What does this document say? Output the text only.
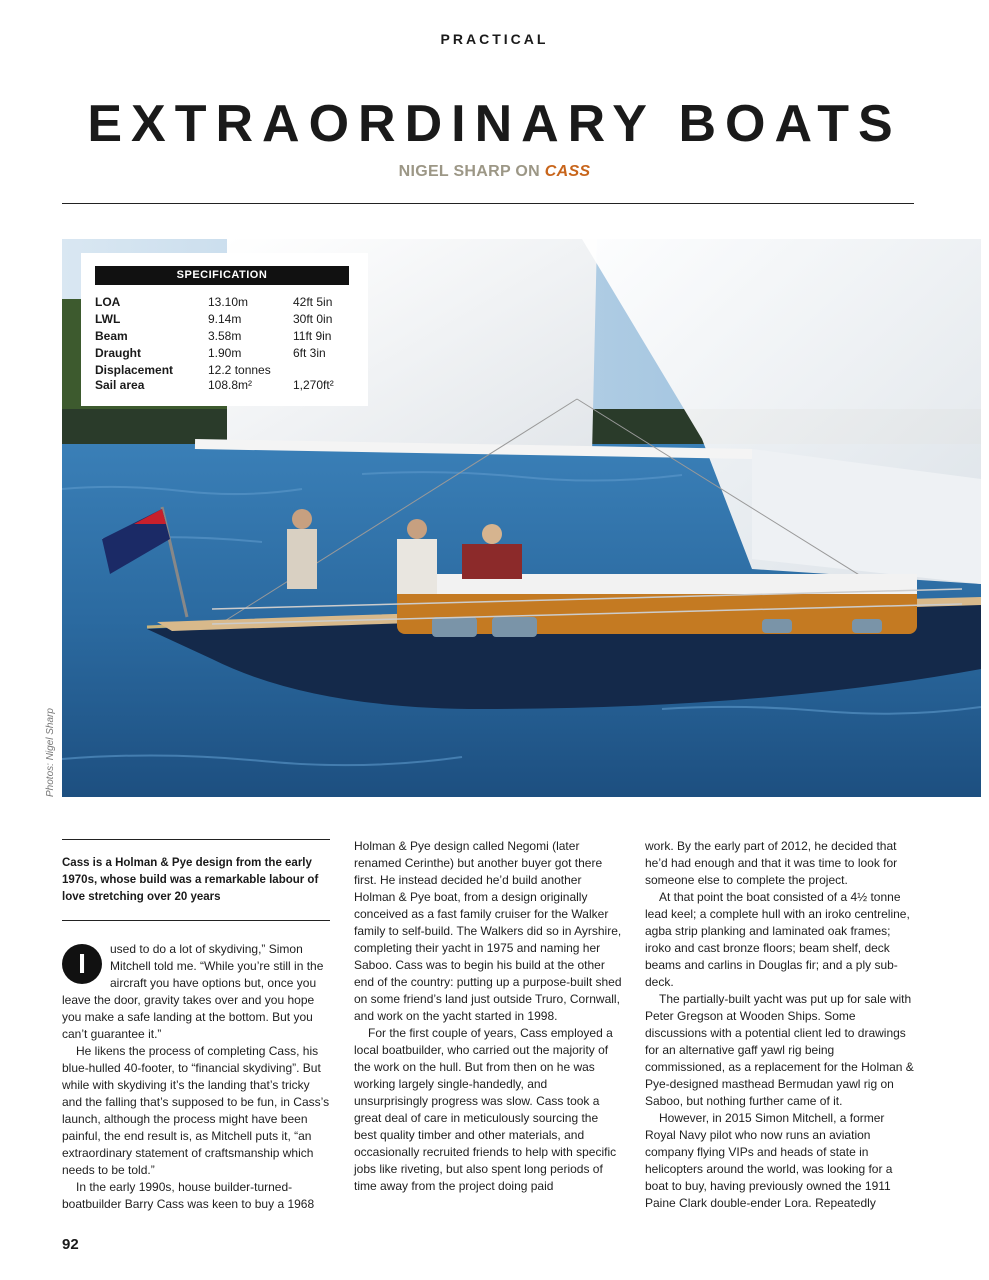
PRACTICAL
EXTRAORDINARY BOATS
NIGEL SHARP ON CASS
SPECIFICATION
LOA	13.10m	42ft 5in
LWL	9.14m	30ft 0in
Beam	3.58m	11ft 9in
Draught	1.90m	6ft 3in
Displacement	12.2 tonnes
Sail area	108.8m²	1,270ft²
Photos: Nigel Sharp
Cass is a Holman & Pye design from the early 1970s, whose build was a remarkable labour of love stretching over 20 years

I	used to do a lot of skydiving,” Simon Mitchell told me. “While you’re still in the aircraft you have options but, once you leave the door, gravity takes over and you hope you make a safe landing at the bottom. But you can’t guarantee it.”

He likens the process of completing Cass, his blue-hulled 40-footer, to “financial skydiving”. But while with skydiving it’s the landing that’s tricky and the falling that’s supposed to be fun, in Cass’s launch, although the process might have been painful, the end result is, as Mitchell puts it, “an extraordinary statement of craftsmanship which needs to be told.”

In the early 1990s, house builder-turned-boatbuilder Barry Cass was keen to buy a 1968

Holman & Pye design called Negomi (later renamed Cerinthe) but another buyer got there first. He instead decided he’d build another Holman & Pye boat, from a design originally conceived as a fast family cruiser for the Walker family to self-build. The Walkers did so in Ayrshire, completing their yacht in 1975 and naming her Saboo. Cass was to begin his build at the other end of the country: putting up a purpose-built shed on some friend’s land just outside Truro, Cornwall, and work on the yacht started in 1998.

For the first couple of years, Cass employed a local boatbuilder, who carried out the majority of the work on the hull. But from then on he was working largely single-handedly, and unsurprisingly progress was slow. Cass took a great deal of care in meticulously sourcing the best quality timber and other materials, and occasionally recruited friends to help with specific jobs like riveting, but also spent long periods of time away from the project doing paid

work. By the early part of 2012, he decided that he’d had enough and that it was time to look for someone else to complete the project.

At that point the boat consisted of a 4½ tonne lead keel; a complete hull with an iroko centreline, agba strip planking and laminated oak frames; iroko and cast bronze floors; beam shelf, deck beams and carlins in Douglas fir; and a ply sub-deck.

The partially-built yacht was put up for sale with Peter Gregson at Wooden Ships. Some discussions with a potential client led to drawings for an alternative gaff yawl rig being commissioned, as a replacement for the Holman & Pye-designed masthead Bermudan yawl rig on Saboo, but nothing further came of it.

However, in 2015 Simon Mitchell, a former Royal Navy pilot who now runs an aviation company flying VIPs and heads of state in helicopters around the world, was looking for a boat to buy, having previously owned the 1911 Paine Clark double-ender Lora. Repeatedly

92
